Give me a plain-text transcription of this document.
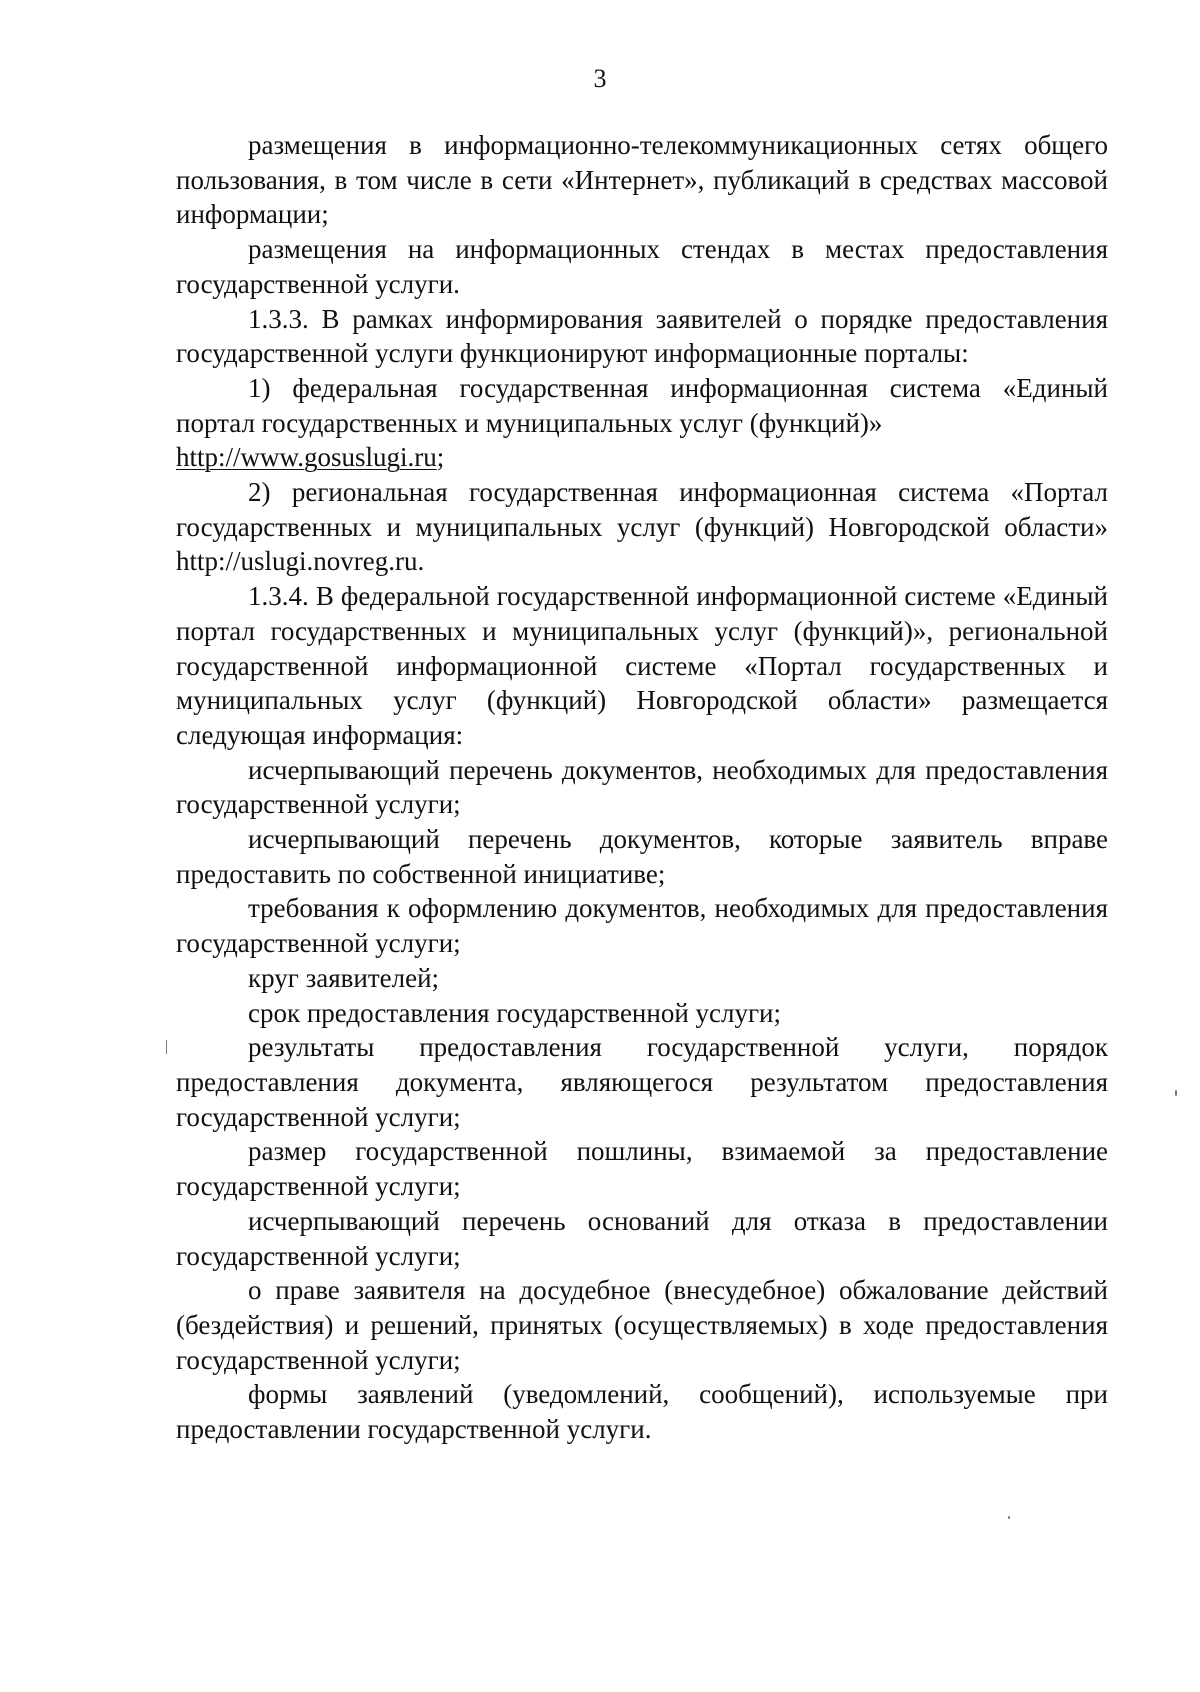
3

размещения в информационно-телекоммуникационных сетях общего пользования, в том числе в сети «Интернет», публикаций в средствах массовой информации;

размещения на информационных стендах в местах предоставления государственной услуги.

1.3.3. В рамках информирования заявителей о порядке предоставления государственной услуги функционируют информационные порталы:

1) федеральная государственная информационная система «Единый портал государственных и муниципальных услуг (функций)»

http://www.gosuslugi.ru;

2) региональная государственная информационная система «Портал государственных и муниципальных услуг (функций) Новгородской области» http://uslugi.novreg.ru.

1.3.4. В федеральной государственной информационной системе «Единый портал государственных и муниципальных услуг (функций)», региональной государственной информационной системе «Портал государственных и муниципальных услуг (функций) Новгородской области» размещается следующая информация:

исчерпывающий перечень документов, необходимых для предоставления государственной услуги;

исчерпывающий перечень документов, которые заявитель вправе предоставить по собственной инициативе;

требования к оформлению документов, необходимых для предоставления государственной услуги;

круг заявителей;

срок предоставления государственной услуги;

результаты предоставления государственной услуги, порядок предоставления документа, являющегося результатом предоставления государственной услуги;

размер государственной пошлины, взимаемой за предоставление государственной услуги;

исчерпывающий перечень оснований для отказа в предоставлении государственной услуги;

о праве заявителя на досудебное (внесудебное) обжалование действий (бездействия) и решений, принятых (осуществляемых) в ходе предоставления государственной услуги;

формы заявлений (уведомлений, сообщений), используемые при предоставлении государственной услуги.
